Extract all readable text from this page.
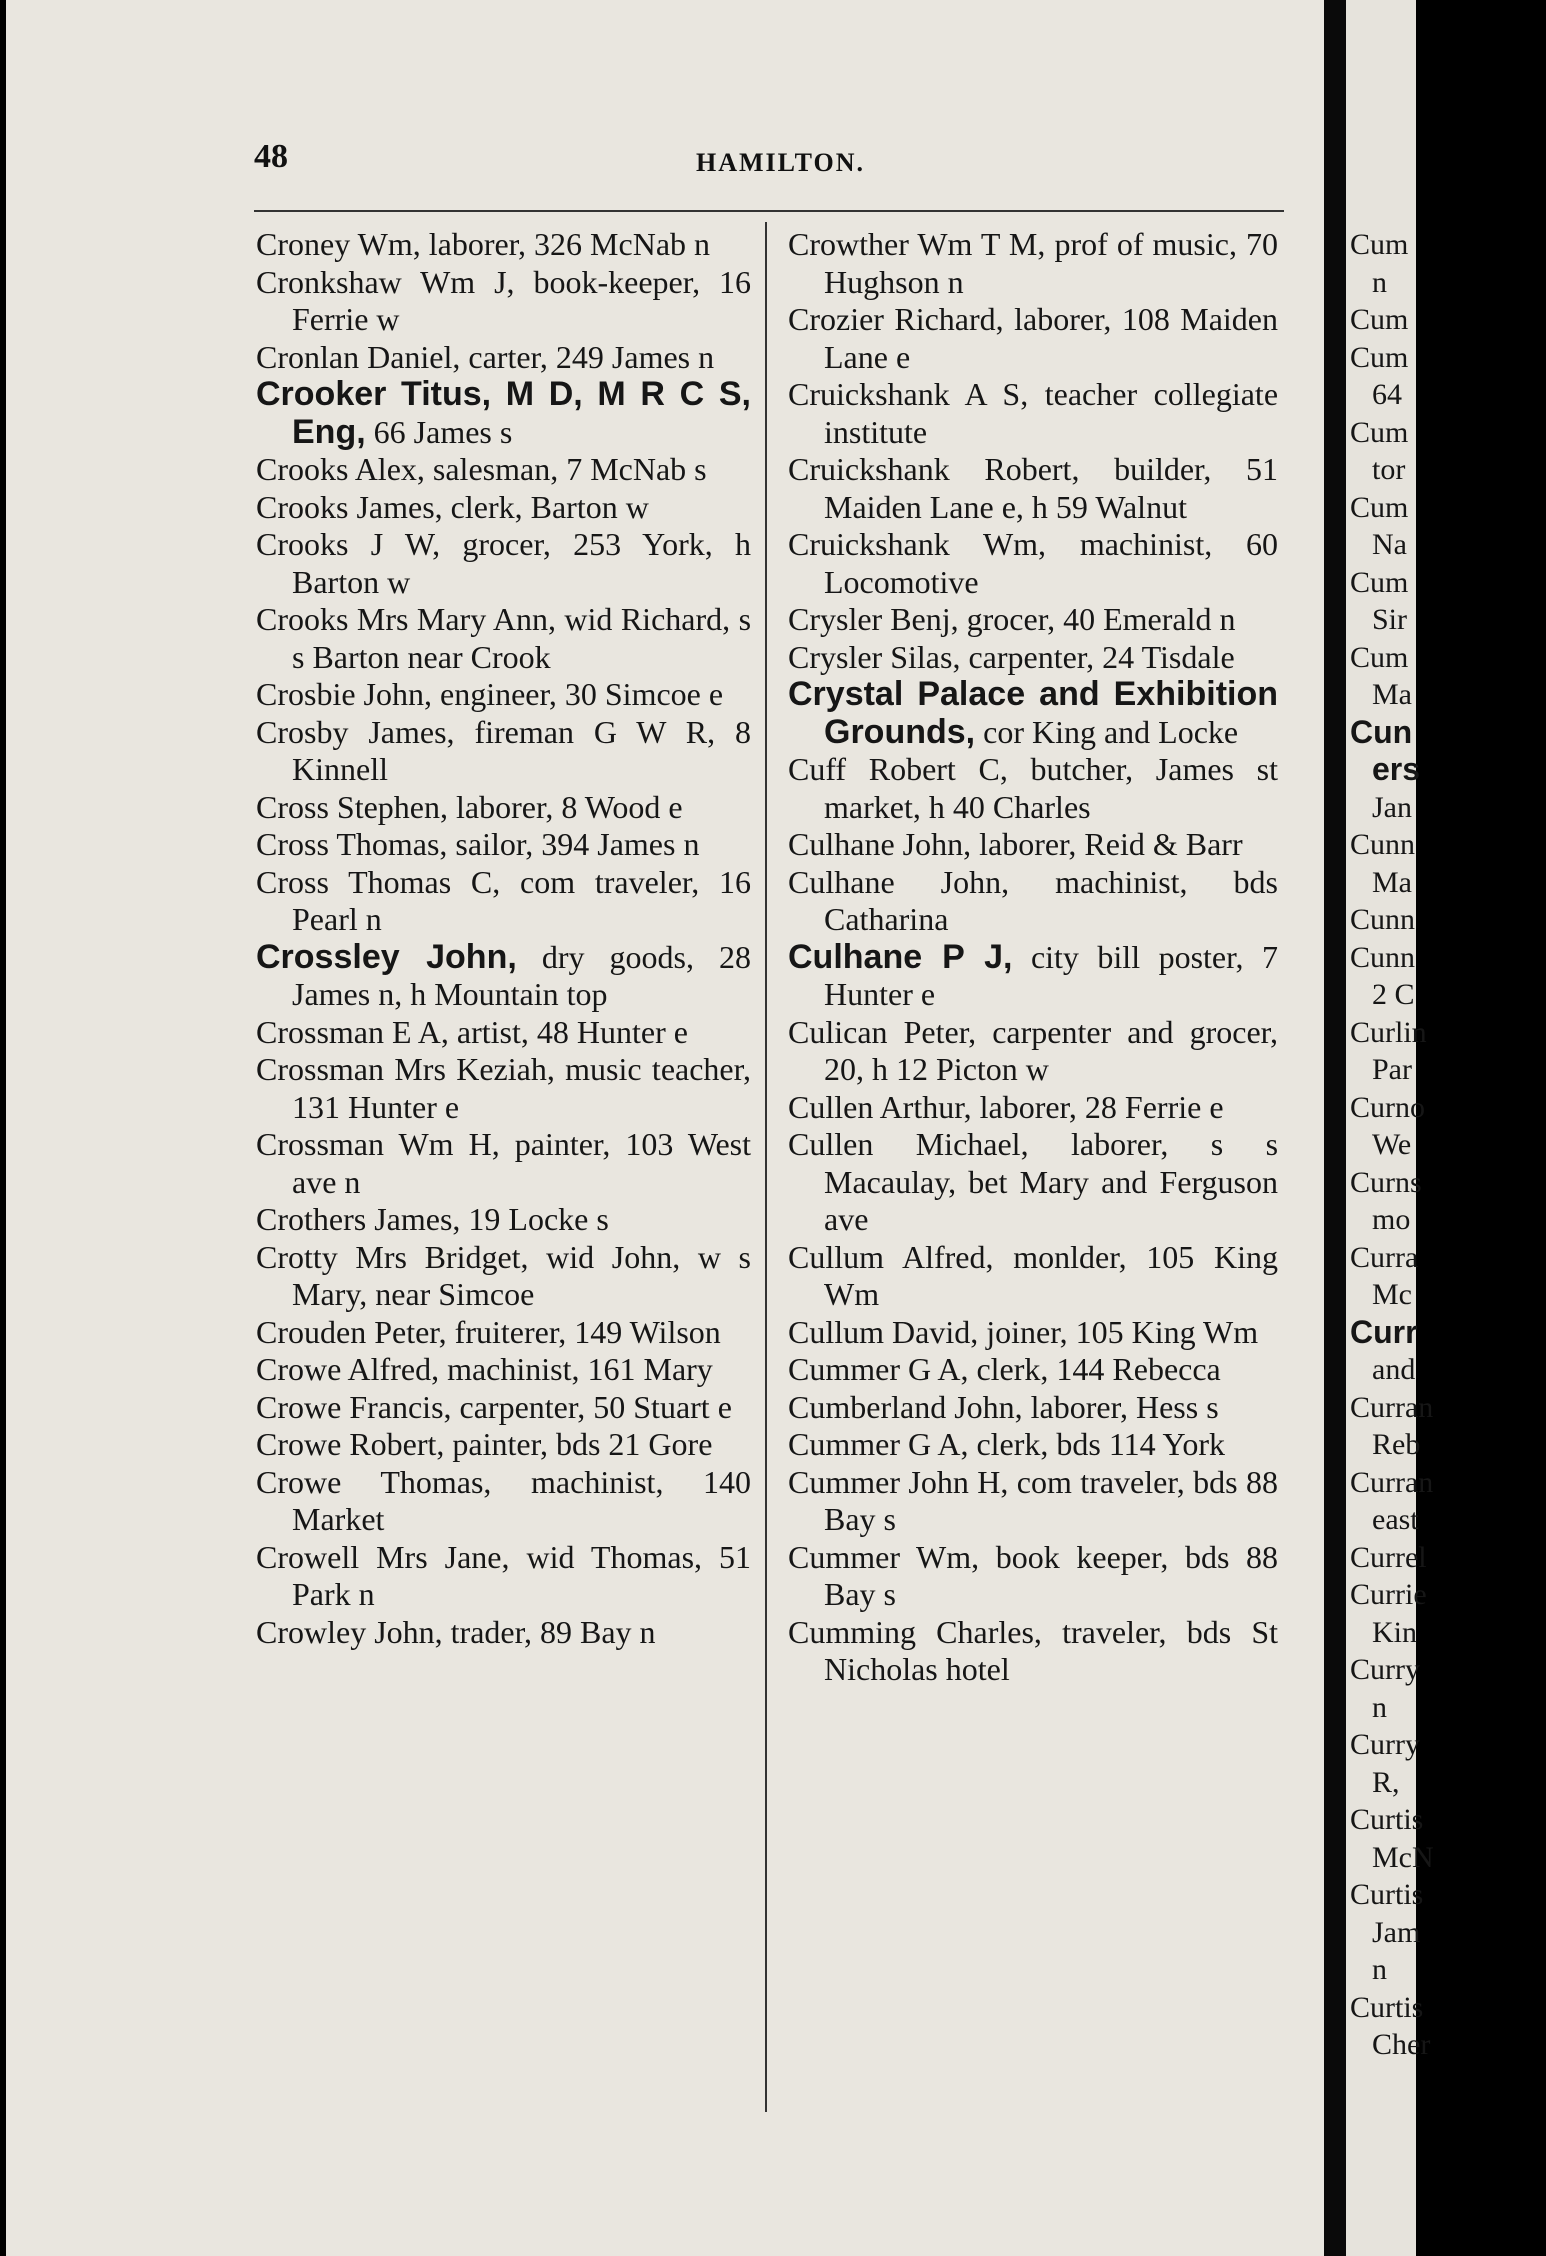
48	HAMILTON.

Croney Wm, laborer, 326 McNab n

Cronkshaw Wm J, book-keeper, 16 Ferrie w

Cronlan Daniel, carter, 249 James n

Crooker Titus, M D, M R C S, Eng, 66 James s

Crooks Alex, salesman, 7 McNab s

Crooks James, clerk, Barton w

Crooks J W, grocer, 253 York, h Barton w

Crooks Mrs Mary Ann, wid Richard, s s Barton near Crook

Crosbie John, engineer, 30 Simcoe e

Crosby James, fireman G W R, 8 Kinnell

Cross Stephen, laborer, 8 Wood e

Cross Thomas, sailor, 394 James n

Cross Thomas C, com traveler, 16 Pearl n

Crossley John, dry goods, 28 James n, h Mountain top

Crossman E A, artist, 48 Hunter e

Crossman Mrs Keziah, music teacher, 131 Hunter e

Crossman Wm H, painter, 103 West ave n

Crothers James, 19 Locke s

Crotty Mrs Bridget, wid John, w s Mary, near Simcoe

Crouden Peter, fruiterer, 149 Wilson

Crowe Alfred, machinist, 161 Mary

Crowe Francis, carpenter, 50 Stuart e

Crowe Robert, painter, bds 21 Gore

Crowe Thomas, machinist, 140 Market

Crowell Mrs Jane, wid Thomas, 51 Park n

Crowley John, trader, 89 Bay n

Crowther Wm T M, prof of music, 70 Hughson n

Crozier Richard, laborer, 108 Maiden Lane e

Cruickshank A S, teacher collegiate institute

Cruickshank Robert, builder, 51 Maiden Lane e, h 59 Walnut

Cruickshank Wm, machinist, 60 Locomotive

Crysler Benj, grocer, 40 Emerald n

Crysler Silas, carpenter, 24 Tisdale

Crystal Palace and Exhibition Grounds, cor King and Locke

Cuff Robert C, butcher, James st market, h 40 Charles

Culhane John, laborer, Reid & Barr

Culhane John, machinist, bds Catharina

Culhane P J, city bill poster, 7 Hunter e

Culican Peter, carpenter and grocer, 20, h 12 Picton w

Cullen Arthur, laborer, 28 Ferrie e

Cullen Michael, laborer, s s Macaulay, bet Mary and Ferguson ave

Cullum Alfred, monlder, 105 King Wm

Cullum David, joiner, 105 King Wm

Cummer G A, clerk, 144 Rebecca

Cumberland John, laborer, Hess s

Cummer G A, clerk, bds 114 York

Cummer John H, com traveler, bds 88 Bay s

Cummer Wm, book keeper, bds 88 Bay s

Cumming Charles, traveler, bds St Nicholas hotel

Cum
n
Cum
Cum
64
Cum
tor
Cum
Na
Cum
Sir
Cum
Ma
Cun
ers
Jan
Cunn
Ma
Cunn
Cunn
2 C
Curlin
Par
Curno
We
Curns
mo
Curra
Mc
Curr
and
Curran
Reb
Curran
east
Currel
Currie
Kin
Curry
n
Curry
R,
Curtis
McN
Curtis
Jam
n
Curtis
Cher
